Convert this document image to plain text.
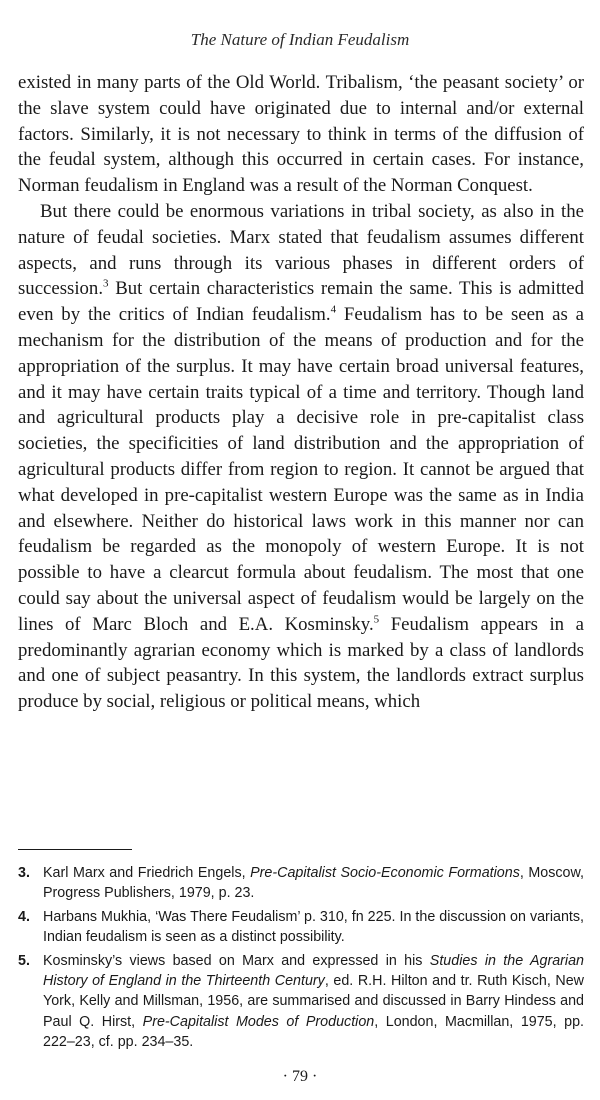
The Nature of Indian Feudalism

existed in many parts of the Old World. Tribalism, ‘the peasant society’ or the slave system could have originated due to internal and/or external factors. Similarly, it is not necessary to think in terms of the diffusion of the feudal system, although this occurred in certain cases. For instance, Norman feudalism in England was a result of the Norman Conquest.

But there could be enormous variations in tribal society, as also in the nature of feudal societies. Marx stated that feudalism assumes different aspects, and runs through its various phases in different orders of succession.$^3$ But certain characteristics remain the same. This is admitted even by the critics of Indian feudalism.$^4$ Feudalism has to be seen as a mechanism for the distribution of the means of production and for the appropriation of the surplus. It may have certain broad universal features, and it may have certain traits typical of a time and territory. Though land and agricultural products play a decisive role in pre-capitalist class societies, the specificities of land distribution and the appropriation of agricultural products differ from region to region. It cannot be argued that what developed in pre-capitalist western Europe was the same as in India and elsewhere. Neither do historical laws work in this manner nor can feudalism be regarded as the monopoly of western Europe. It is not possible to have a clearcut formula about feudalism. The most that one could say about the universal aspect of feudalism would be largely on the lines of Marc Bloch and E.A. Kosminsky.$^5$ Feudalism appears in a predominantly agrarian economy which is marked by a class of landlords and one of subject peasantry. In this system, the landlords extract surplus produce by social, religious or political means, which

3. Karl Marx and Friedrich Engels, Pre-Capitalist Socio-Economic Formations, Moscow, Progress Publishers, 1979, p. 23.
4. Harbans Mukhia, ‘Was There Feudalism’ p. 310, fn 225. In the discussion on variants, Indian feudalism is seen as a distinct possibility.
5. Kosminsky’s views based on Marx and expressed in his Studies in the Agrarian History of England in the Thirteenth Century, ed. R.H. Hilton and tr. Ruth Kisch, New York, Kelly and Millsman, 1956, are summarised and discussed in Barry Hindess and Paul Q. Hirst, Pre-Capitalist Modes of Production, London, Macmillan, 1975, pp. 222–23, cf. pp. 234–35.
· 79 ·
